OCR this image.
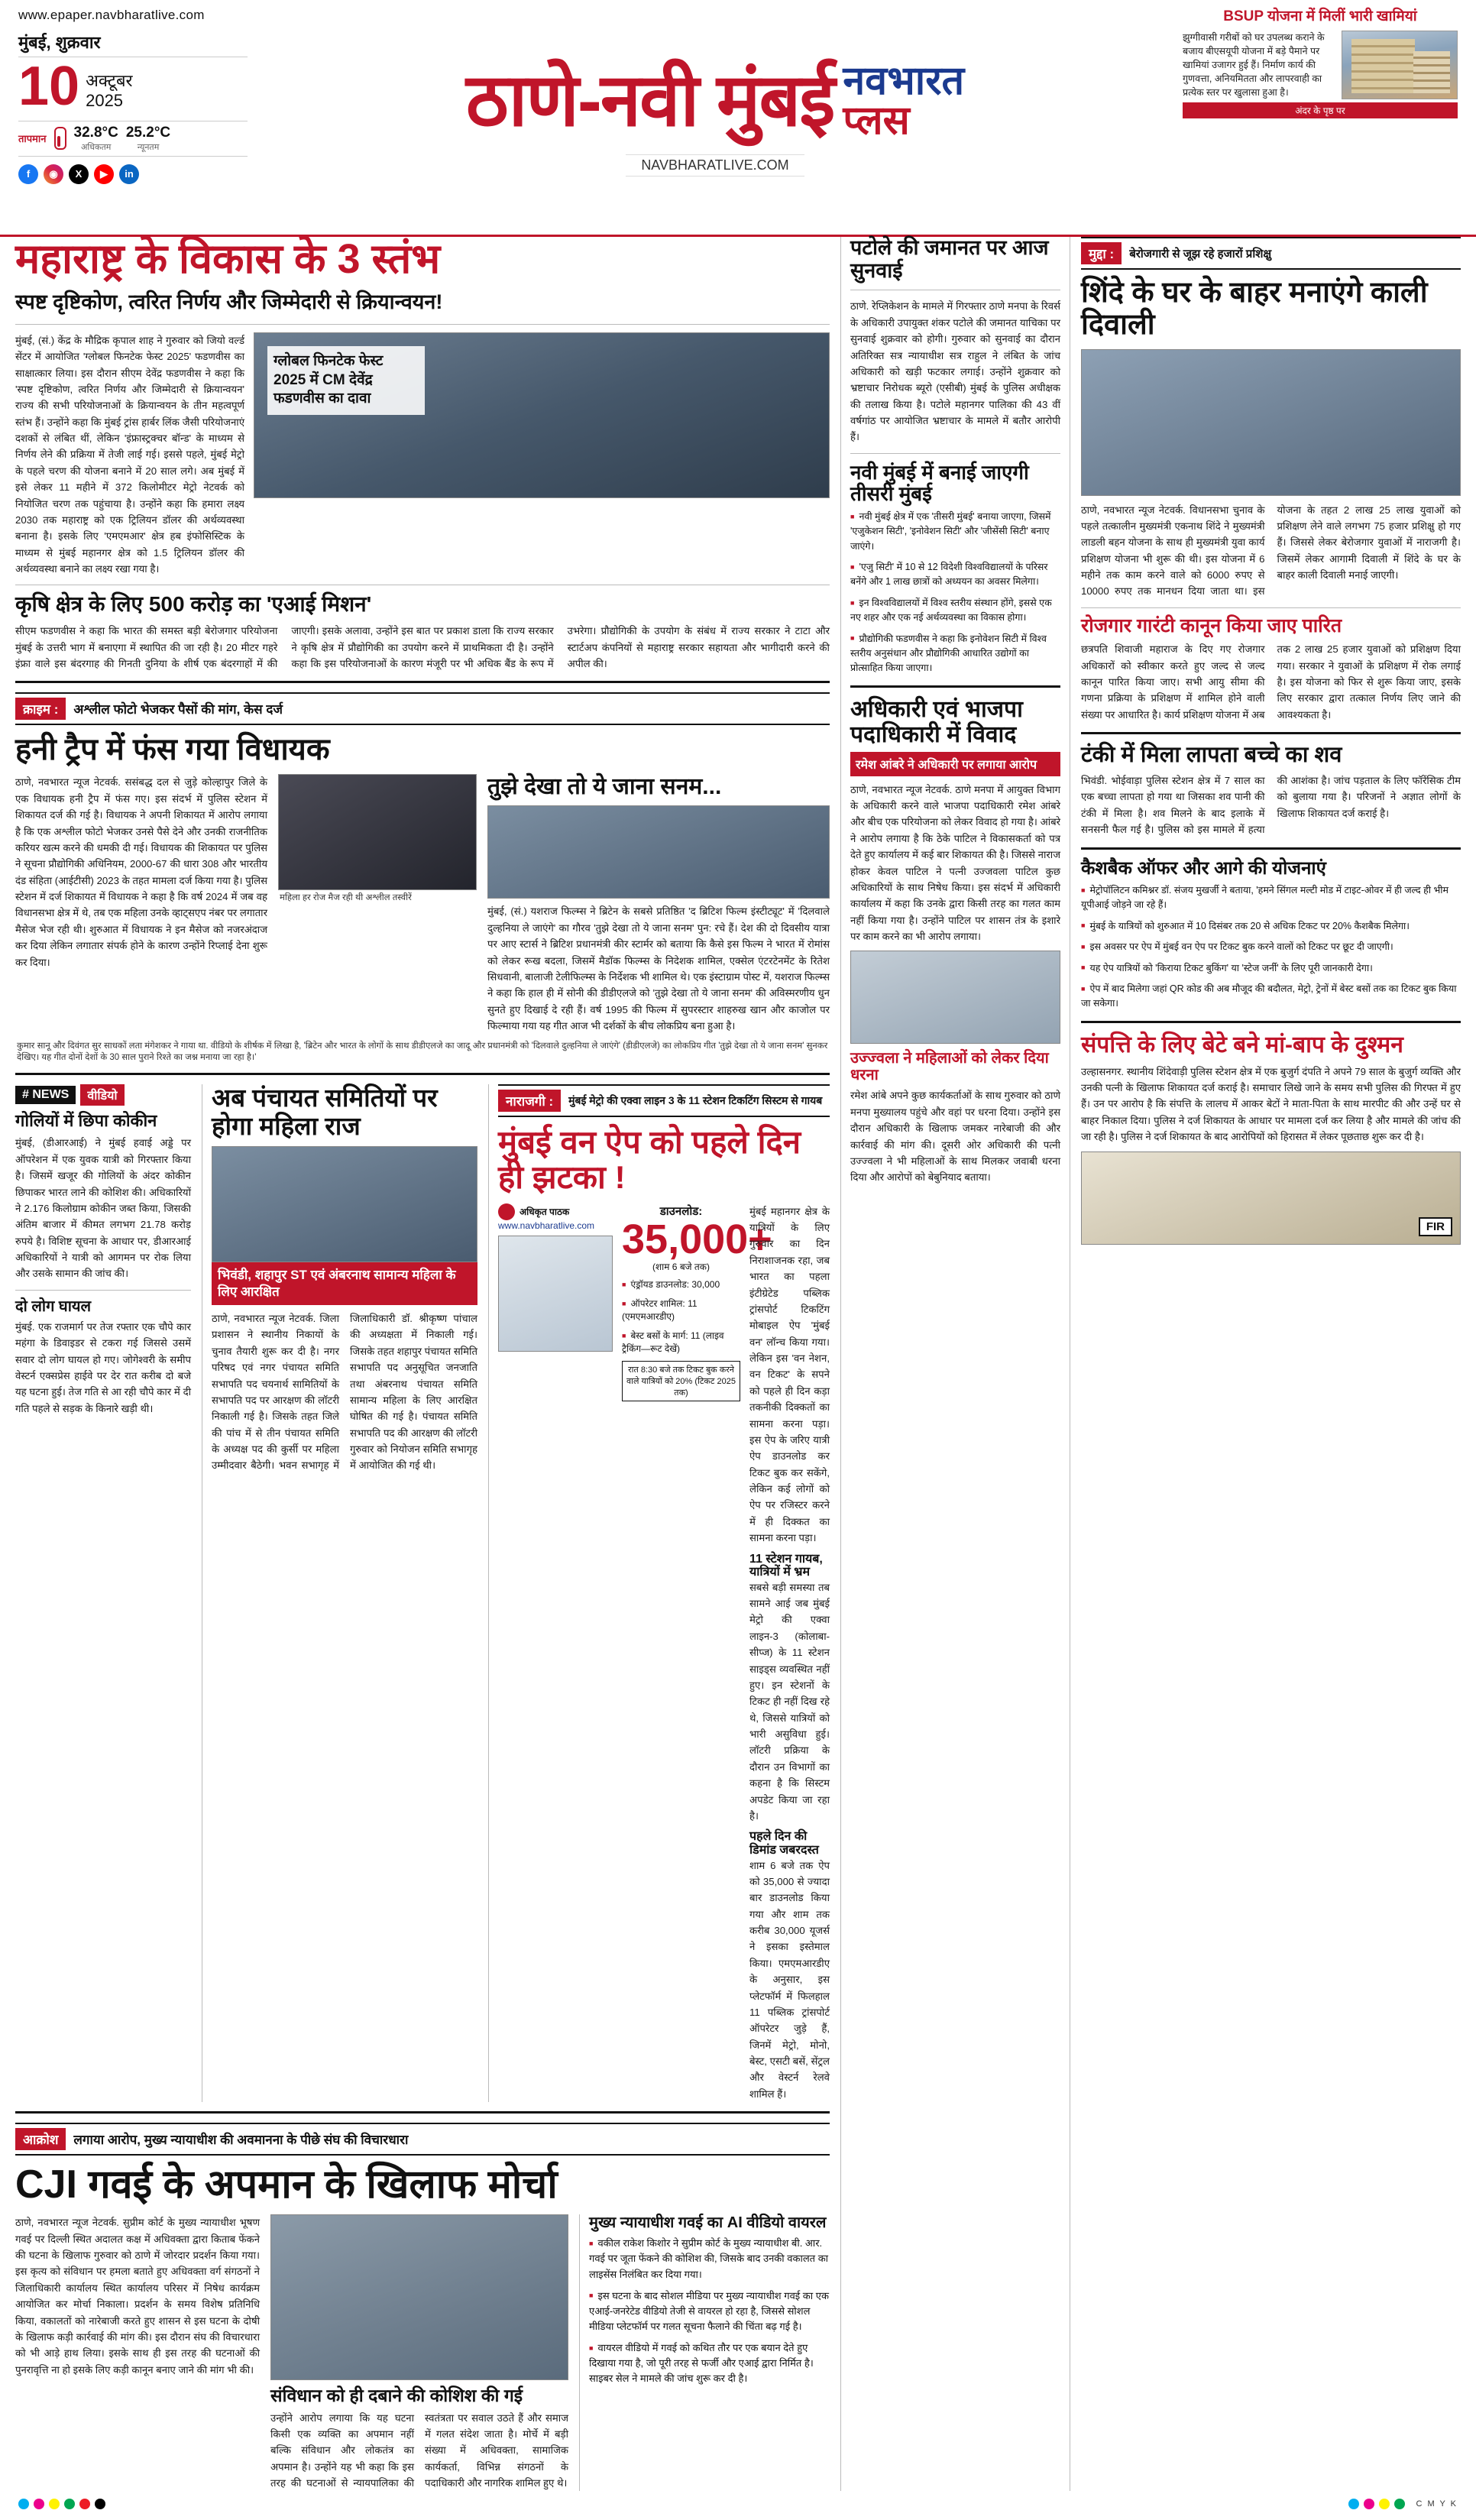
www.epaper.navbharatlive.com
मुंबई, शुक्रवार
10 अक्टूबर
2025
तापमान 32.8°C
अधिकतम
25.2°C
न्यूनतम
f	◉	X	▶	in
ठाणे-नवी मुंबई नवभारत
प्लस
NAVBHARATLIVE.COM
BSUP योजना में मिलीं भारी खामियां
झुग्गीवासी गरीबों को घर उपलब्ध कराने के बजाय बीएसयूपी योजना में बड़े पैमाने पर खामियां उजागर हुई हैं। निर्माण कार्य की गुणवत्ता, अनियमितता और लापरवाही का प्रत्येक स्तर पर खुलासा हुआ है।
अंदर के पृष्ठ पर
महाराष्ट्र के विकास के 3 स्तंभ
स्पष्ट दृष्टिकोण, त्वरित निर्णय और जिम्मेदारी से क्रियान्वयन!
मुंबई, (सं.) केंद्र के मौद्रिक कृपाल शाह ने गुरुवार को जियो वर्ल्ड सेंटर में आयोजित 'ग्लोबल फिनटेक फेस्ट 2025' फडणवीस का साक्षात्कार लिया। इस दौरान सीएम देवेंद्र फडणवीस ने कहा कि 'स्पष्ट दृष्टिकोण, त्वरित निर्णय और जिम्मेदारी से क्रियान्वयन' राज्य की सभी परियोजनाओं के क्रियान्वयन के तीन महत्वपूर्ण स्तंभ हैं। उन्होंने कहा कि मुंबई ट्रांस हार्बर लिंक जैसी परियोजनाएं दशकों से लंबित थीं, लेकिन 'इंफ्रास्ट्रक्चर बॉन्ड' के माध्यम से निर्णय लेने की प्रक्रिया में तेजी लाई गई। इससे पहले, मुंबई मेट्रो के पहले चरण की योजना बनाने में 20 साल लगे। अब मुंबई में इसे लेकर 11 महीने में 372 किलोमीटर मेट्रो नेटवर्क को नियोजित चरण तक पहुंचाया है। उन्होंने कहा कि हमारा लक्ष्य 2030 तक महाराष्ट्र को एक ट्रिलियन डॉलर की अर्थव्यवस्था बनाना है। इसके लिए 'एमएमआर' क्षेत्र हब इंफोसिस्टिक के माध्यम से मुंबई महानगर क्षेत्र को 1.5 ट्रिलियन डॉलर की अर्थव्यवस्था बनाने का लक्ष्य रखा गया है।
ग्लोबल फिनटेक फेस्ट 2025 में CM देवेंद्र फडणवीस का दावा
कृषि क्षेत्र के लिए 500 करोड़ का 'एआई मिशन'
सीएम फडणवीस ने कहा कि भारत की समस्त बड़ी बेरोजगार परियोजना मुंबई के उत्तरी भाग में बनाएगा में स्थापित की जा रही है। 20 मीटर गहरे इंफ्रा वाले इस बंदरगाह की गिनती दुनिया के शीर्ष एक बंदरगाहों में की जाएगी। इसके अलावा, उन्होंने इस बात पर प्रकाश डाला कि राज्य सरकार ने कृषि क्षेत्र में प्रौद्योगिकी का उपयोग करने में प्राथमिकता दी है। उन्होंने कहा कि इस परियोजनाओं के कारण मंजूरी पर भी अधिक बैंड के रूप में उभरेगा। प्रौद्योगिकी के उपयोग के संबंध में राज्य सरकार ने टाटा और स्टार्टअप कंपनियों से महाराष्ट्र सरकार सहायता और भागीदारी करने की अपील की।
क्राइम :	अश्लील फोटो भेजकर पैसों की मांग, केस दर्ज
हनी ट्रैप में फंस गया विधायक
ठाणे, नवभारत न्यूज नेटवर्क. ससंबद्ध दल से जुड़े कोल्हापुर जिले के एक विधायक हनी ट्रैप में फंस गए। इस संदर्भ में पुलिस स्टेशन में शिकायत दर्ज की गई है। विधायक ने अपनी शिकायत में आरोप लगाया है कि एक अश्लील फोटो भेजकर उनसे पैसे देने और उनकी राजनीतिक करियर खत्म करने की धमकी दी गई। विधायक की शिकायत पर पुलिस ने सूचना प्रौद्योगिकी अधिनियम, 2000-67 की धारा 308 और भारतीय दंड संहिता (आईटीसी) 2023 के तहत मामला दर्ज किया गया है। पुलिस स्टेशन में दर्ज शिकायत में विधायक ने कहा है कि वर्ष 2024 में जब वह विधानसभा क्षेत्र में थे, तब एक महिला उनके व्हाट्सएप नंबर पर लगातार मैसेज भेज रही थी। शुरुआत में विधायक ने इन मैसेज को नजरअंदाज कर दिया लेकिन लगातार संपर्क होने के कारण उन्होंने रिप्लाई देना शुरू कर दिया।
महिला हर रोज मैज रही थी अश्लील तस्वीरें
तुझे देखा तो ये जाना सनम...
मुंबई, (सं.) यशराज फिल्म्स ने ब्रिटेन के सबसे प्रतिष्ठित 'द ब्रिटिश फिल्म इंस्टीट्यूट' में 'दिलवाले दुल्हनिया ले जाएंगे' का गौरव 'तुझे देखा तो ये जाना सनम' पुन: रचे हैं। देश की दो दिवसीय यात्रा पर आए स्टार्स ने ब्रिटिश प्रधानमंत्री कीर स्टार्मर को बताया कि कैसे इस फिल्म ने भारत में रोमांस को लेकर रूख बदला, जिसमें मैडॉक फिल्म्स के निदेशक शामिल, एक्सेल एंटरटेनमेंट के रितेश सिधवानी, बालाजी टेलीफिल्म्स के निर्देशक भी शामिल थे। एक इंस्टाग्राम पोस्ट में, यशराज फिल्म्स ने कहा कि हाल ही में सोनी की डीडीएलजे को 'तुझे देखा तो ये जाना सनम' की अविस्मरणीय धुन सुनते हुए दिखाई दे रही हैं। वर्ष 1995 की फिल्म में सुपरस्टार शाहरुख खान और काजोल पर फिल्माया गया यह गीत आज भी दर्शकों के बीच लोकप्रिय बना हुआ है।
कुमार सानू और दिवंगत सुर साधकों लता मंगेशकर ने गाया था. वीडियो के शीर्षक में लिखा है, 'ब्रिटेन और भारत के लोगों के साथ डीडीएलजे का जादू और प्रधानमंत्री को 'दिलवाले दुल्हनिया ले जाएंगे' (डीडीएलजे) का लोकप्रिय गीत 'तुझे देखा तो ये जाना सनम' सुनकर देखिए। यह गीत दोनों देशों के 30 साल पुराने रिश्ते का जश्न मनाया जा रहा है।'
# NEWS	वीडियो
गोलियों में छिपा कोकीन
मुंबई, (डीआरआई) ने मुंबई हवाई अड्डे पर ऑपरेशन में एक युवक यात्री को गिरफ्तार किया है। जिसमें खजूर की गोलियों के अंदर कोकीन छिपाकर भारत लाने की कोशिश की। अधिकारियों ने 2.176 किलोग्राम कोकीन जब्त किया, जिसकी अंतिम बाजार में कीमत लगभग 21.78 करोड़ रुपये है। विशिष्ट सूचना के आधार पर, डीआरआई अधिकारियों ने यात्री को आगमन पर रोक लिया और उसके सामान की जांच की।
दो लोग घायल
मुंबई. एक राजमार्ग पर तेज रफ्तार एक चौपे कार महंगा के डिवाइडर से टकरा गई जिससे उसमें सवार दो लोग घायल हो गए। जोगेश्वरी के समीप वेस्टर्न एक्सप्रेस हाईवे पर देर रात करीब दो बजे यह घटना हुई। तेज गति से आ रही चौपे कार में दी गति पहले से सड़क के किनारे खड़ी थी।
अब पंचायत समितियों पर होगा महिला राज
भिवंडी, शहापुर ST एवं अंबरनाथ सामान्य महिला के लिए आरक्षित
ठाणे, नवभारत न्यूज नेटवर्क. जिला प्रशासन ने स्थानीय निकायों के चुनाव तैयारी शुरू कर दी है। नगर परिषद एवं नगर पंचायत समिति सभापति पद चयनार्थ सामितियों के सभापति पद पर आरक्षण की लॉटरी निकाली गई है। जिसके तहत जिले की पांच में से तीन पंचायत समिति के अध्यक्ष पद की कुर्सी पर महिला उम्मीदवार बैठेगी। भवन सभागृह में जिलाधिकारी डॉ. श्रीकृष्ण पांचाल की अध्यक्षता में निकाली गई। जिसके तहत शहापुर पंचायत समिति सभापति पद अनुसूचित जनजाति तथा अंबरनाथ पंचायत समिति सामान्य महिला के लिए आरक्षित घोषित की गई है। पंचायत समिति सभापति पद की आरक्षण की लॉटरी गुरुवार को नियोजन समिति सभागृह में आयोजित की गई थी।
नाराजगी :	मुंबई मेट्रो की एक्वा लाइन 3 के 11 स्टेशन टिकटिंग सिस्टम से गायब
मुंबई वन ऐप को पहले दिन ही झटका !
अधिकृत पाठक
www.navbharatlive.com
डाउनलोड:
35,000+
(शाम 6 बजे तक)
■ एंड्रॉयड डाउनलोड: 30,000
■ ऑपरेटर शामिल: 11 (एमएमआरडीए)
■ बेस्ट बसों के मार्ग: 11 (लाइव ट्रैकिंग—रूट देखें)
रात 8:30 बजे तक टिकट बुक करने वाले यात्रियों को 20% (टिकट 2025 तक)
मुंबई महानगर क्षेत्र के यात्रियों के लिए गुरुवार का दिन निराशाजनक रहा, जब भारत का पहला इंटीग्रेटेड पब्लिक ट्रांसपोर्ट टिकटिंग मोबाइल ऐप 'मुंबई वन' लॉन्च किया गया। लेकिन इस 'वन नेशन, वन टिकट' के सपने को पहले ही दिन कड़ा तकनीकी दिक्कतों का सामना करना पड़ा। इस ऐप के जरिए यात्री ऐप डाउनलोड कर टिकट बुक कर सकेंगे, लेकिन कई लोगों को ऐप पर रजिस्टर करने में ही दिक्कत का सामना करना पड़ा।
11 स्टेशन गायब, यात्रियों में भ्रम
सबसे बड़ी समस्या तब सामने आई जब मुंबई मेट्रो की एक्वा लाइन-3 (कोलाबा-सीप्ज) के 11 स्टेशन साइड्स व्यवस्थित नहीं हुए। इन स्टेशनों के टिकट ही नहीं दिख रहे थे, जिससे यात्रियों को भारी असुविधा हुई। लॉटरी प्रक्रिया के दौरान उन विभागों का कहना है कि सिस्टम अपडेट किया जा रहा है।
पहले दिन की डिमांड जबरदस्त
शाम 6 बजे तक ऐप को 35,000 से ज्यादा बार डाउनलोड किया गया और शाम तक करीब 30,000 यूजर्स ने इसका इस्तेमाल किया। एमएमआरडीए के अनुसार, इस प्लेटफॉर्म में फिलहाल 11 पब्लिक ट्रांसपोर्ट ऑपरेटर जुड़े हैं, जिनमें मेट्रो, मोनो, बेस्ट, एसटी बसें, सेंट्रल और वेस्टर्न रेलवे शामिल हैं।
आक्रोश	लगाया आरोप, मुख्य न्यायाधीश की अवमानना के पीछे संघ की विचारधारा
CJI गवई के अपमान के खिलाफ मोर्चा
ठाणे, नवभारत न्यूज नेटवर्क. सुप्रीम कोर्ट के मुख्य न्यायाधीश भूषण गवई पर दिल्ली स्थित अदालत कक्ष में अधिवक्ता द्वारा किताब फेंकने की घटना के खिलाफ गुरुवार को ठाणे में जोरदार प्रदर्शन किया गया। इस कृत्य को संविधान पर हमला बताते हुए अधिवक्ता वर्ग संगठनों ने जिलाधिकारी कार्यालय स्थित कार्यालय परिसर में निषेध कार्यक्रम आयोजित कर मोर्चा निकाला। प्रदर्शन के समय विशेष प्रतिनिधि किया, वकालतों को नारेबाजी करते हुए शासन से इस घटना के दोषी के खिलाफ कड़ी कार्रवाई की मांग की। इस दौरान संघ की विचारधारा को भी आड़े हाथ लिया। इसके साथ ही इस तरह की घटनाओं की पुनरावृत्ति ना हो इसके लिए कड़ी कानून बनाए जाने की मांग भी की।
संविधान को ही दबाने की कोशिश की गई
उन्होंने आरोप लगाया कि यह घटना किसी एक व्यक्ति का अपमान नहीं बल्कि संविधान और लोकतंत्र का अपमान है। उन्होंने यह भी कहा कि इस तरह की घटनाओं से न्यायपालिका की स्वतंत्रता पर सवाल उठते हैं और समाज में गलत संदेश जाता है। मोर्चे में बड़ी संख्या में अधिवक्ता, सामाजिक कार्यकर्ता, विभिन्न संगठनों के पदाधिकारी और नागरिक शामिल हुए थे।
मुख्य न्यायाधीश गवई का AI वीडियो वायरल
■ वकील राकेश किशोर ने सुप्रीम कोर्ट के मुख्य न्यायाधीश बी. आर. गवई पर जूता फेंकने की कोशिश की, जिसके बाद उनकी वकालत का लाइसेंस निलंबित कर दिया गया।
■ इस घटना के बाद सोशल मीडिया पर मुख्य न्यायाधीश गवई का एक एआई-जनरेटेड वीडियो तेजी से वायरल हो रहा है, जिससे सोशल मीडिया प्लेटफॉर्म पर गलत सूचना फैलाने की चिंता बढ़ गई है।
■ वायरल वीडियो में गवई को कथित तौर पर एक बयान देते हुए दिखाया गया है, जो पूरी तरह से फर्जी और एआई द्वारा निर्मित है। साइबर सेल ने मामले की जांच शुरू कर दी है।
पटोले की जमानत पर आज सुनवाई
ठाणे. रेप्लिकेशन के मामले में गिरफ्तार ठाणे मनपा के रिवर्स के अधिकारी उपायुक्त शंकर पटोले की जमानत याचिका पर सुनवाई शुक्रवार को होगी। गुरुवार को सुनवाई का दौरान अतिरिक्त सत्र न्यायाधीश सत्र राहुल ने लंबित के जांच अधिकारी को खड़ी फटकार लगाई। उन्होंने शुक्रवार को भ्रष्टाचार निरोधक ब्यूरो (एसीबी) मुंबई के पुलिस अधीक्षक की तलाख किया है। पटोले महानगर पालिका की 43 वीं वर्षगांठ पर आयोजित भ्रष्टाचार के मामले में बतौर आरोपी हैं।
नवी मुंबई में बनाई जाएगी तीसरी मुंबई
■ नवी मुंबई क्षेत्र में एक 'तीसरी मुंबई' बनाया जाएगा, जिसमें 'एजुकेशन सिटी', 'इनोवेशन सिटी' और 'जीसेंसी सिटी' बनाए जाएंगे।
■ 'एजु सिटी' में 10 से 12 विदेशी विश्वविद्यालयों के परिसर बनेंगे और 1 लाख छात्रों को अध्ययन का अवसर मिलेगा।
■ इन विश्वविद्यालयों में विश्व स्तरीय संस्थान होंगे, इससे एक नए शहर और एक नई अर्थव्यवस्था का विकास होगा।
■ प्रौद्योगिकी फडणवीस ने कहा कि इनोवेशन सिटी में विश्व स्तरीय अनुसंधान और प्रौद्योगिकी आधारित उद्योगों का प्रोत्साहित किया जाएगा।
अधिकारी एवं भाजपा पदाधिकारी में विवाद
रमेश आंबरे ने अधिकारी पर लगाया आरोप
ठाणे, नवभारत न्यूज नेटवर्क. ठाणे मनपा में आयुक्त विभाग के अधिकारी करने वाले भाजपा पदाधिकारी रमेश आंबरे और बीच एक परियोजना को लेकर विवाद हो गया है। आंबरे ने आरोप लगाया है कि ठेके पाटिल ने विकासकर्ता को पत्र देते हुए कार्यालय में कई बार शिकायत की है। जिससे नाराज होकर केवल पाटिल ने पत्नी उज्जवला पाटिल कुछ अधिकारियों के साथ निषेध किया। इस संदर्भ में अधिकारी कार्यालय में कहा कि उनके द्वारा किसी तरह का गलत काम नहीं किया गया है। उन्होंने पाटिल पर शासन तंत्र के इशारे पर काम करने का भी आरोप लगाया।
उज्ज्वला ने महिलाओं को लेकर दिया धरना
रमेश आंबे अपने कुछ कार्यकर्ताओं के साथ गुरुवार को ठाणे मनपा मुख्यालय पहुंचे और वहां पर धरना दिया। उन्होंने इस दौरान अधिकारी के खिलाफ जमकर नारेबाजी की और कार्रवाई की मांग की। दूसरी ओर अधिकारी की पत्नी उज्ज्वला ने भी महिलाओं के साथ मिलकर जवाबी धरना दिया और आरोपों को बेबुनियाद बताया।
मुद्दा :	बेरोजगारी से जूझ रहे हजारों प्रशिक्षु
शिंदे के घर के बाहर मनाएंगे काली दिवाली
ठाणे, नवभारत न्यूज नेटवर्क. विधानसभा चुनाव के पहले तत्कालीन मुख्यमंत्री एकनाथ शिंदे ने मुख्यमंत्री लाडली बहन योजना के साथ ही मुख्यमंत्री युवा कार्य प्रशिक्षण योजना भी शुरू की थी। इस योजना में 6 महीने तक काम करने वाले को 6000 रुपए से 10000 रुपए तक मानधन दिया जाता था। इस योजना के तहत 2 लाख 25 लाख युवाओं को प्रशिक्षण लेने वाले लगभग 75 हजार प्रशिक्षु हो गए हैं। जिससे लेकर बेरोजगार युवाओं में नाराजगी है। जिसमें लेकर आगामी दिवाली में शिंदे के घर के बाहर काली दिवाली मनाई जाएगी।
रोजगार गारंटी कानून किया जाए पारित
छत्रपति शिवाजी महाराज के दिए गए रोजगार अधिकारों को स्वीकार करते हुए जल्द से जल्द कानून पारित किया जाए। सभी आयु सीमा की गणना प्रक्रिया के प्रशिक्षण में शामिल होने वाली संख्या पर आधारित है। कार्य प्रशिक्षण योजना में अब तक 2 लाख 25 हजार युवाओं को प्रशिक्षण दिया गया। सरकार ने युवाओं के प्रशिक्षण में रोक लगाई है। इस योजना को फिर से शुरू किया जाए, इसके लिए सरकार द्वारा तत्काल निर्णय लिए जाने की आवश्यकता है।
टंकी में मिला लापता बच्चे का शव
भिवंडी. भोईवाड़ा पुलिस स्टेशन क्षेत्र में 7 साल का एक बच्चा लापता हो गया था जिसका शव पानी की टंकी में मिला है। शव मिलने के बाद इलाके में सनसनी फैल गई है। पुलिस को इस मामले में हत्या की आशंका है। जांच पड़ताल के लिए फॉरेंसिक टीम को बुलाया गया है। परिजनों ने अज्ञात लोगों के खिलाफ शिकायत दर्ज कराई है।
कैशबैक ऑफर और आगे की योजनाएं
■ मेट्रोपॉलिटन कमिश्नर डॉ. संजय मुखर्जी ने बताया, 'हमने सिंगल मल्टी मोड में टाइट-ओवर में ही जल्द ही भीम यूपीआई जोड़ने जा रहे हैं।
■ मुंबई के यात्रियों को शुरुआत में 10 दिसंबर तक 20 से अधिक टिकट पर 20% कैशबैक मिलेगा।
■ इस अवसर पर ऐप में मुंबई वन ऐप पर टिकट बुक करने वालों को टिकट पर छूट दी जाएगी।
■ यह ऐप यात्रियों को 'किराया टिकट बुकिंग' या 'स्टेज जर्नी' के लिए पूरी जानकारी देगा।
■ ऐप में बाद मिलेगा जहां QR कोड की अब मौजूद की बदौलत, मेट्रो, ट्रेनों में बेस्ट बसों तक का टिकट बुक किया जा सकेगा।
संपत्ति के लिए बेटे बने मां-बाप के दुश्मन
उल्हासनगर. स्थानीय शिंदेवाड़ी पुलिस स्टेशन क्षेत्र में एक बुजुर्ग दंपति ने अपने 79 साल के बुजुर्ग व्यक्ति और उनकी पत्नी के खिलाफ शिकायत दर्ज कराई है। समाचार लिखे जाने के समय सभी पुलिस की गिरफ्त में हुए हैं। उन पर आरोप है कि संपत्ति के लालच में आकर बेटों ने माता-पिता के साथ मारपीट की और उन्हें घर से बाहर निकाल दिया। पुलिस ने दर्ज शिकायत के आधार पर मामला दर्ज कर लिया है और मामले की जांच की जा रही है। पुलिस ने दर्ज शिकायत के बाद आरोपियों को हिरासत में लेकर पूछताछ शुरू कर दी है।
FIR
C M Y K
